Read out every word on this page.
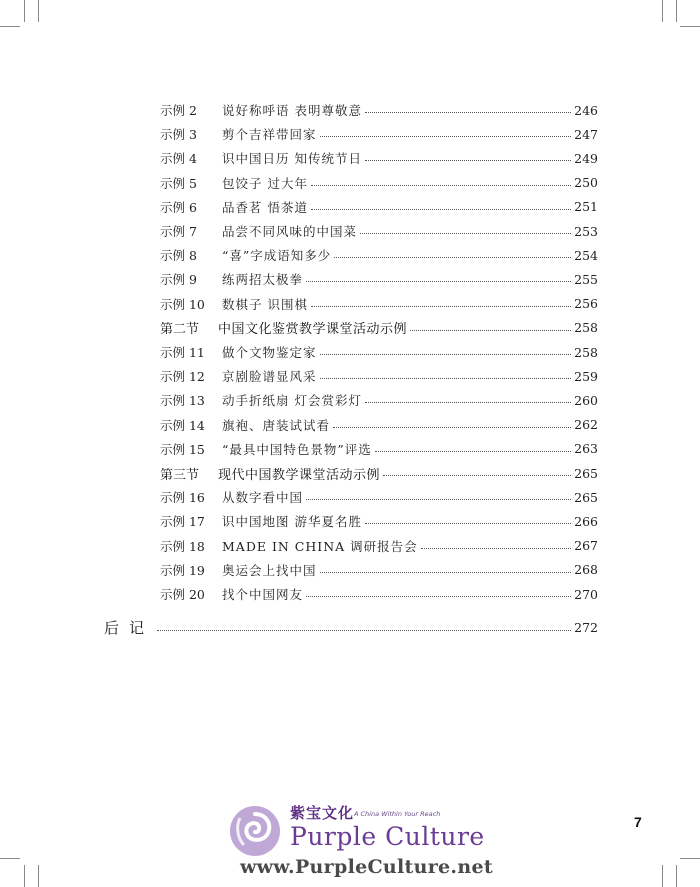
示例 2	说好称呼语 表明尊敬意	246
示例 3	剪个吉祥带回家	247
示例 4	识中国日历 知传统节日	249
示例 5	包饺子 过大年	250
示例 6	品香茗 悟茶道	251
示例 7	品尝不同风味的中国菜	253
示例 8	“喜”字成语知多少	254
示例 9	练两招太极拳	255
示例 10	数棋子 识围棋	256
第二节	中国文化鉴赏教学课堂活动示例	258
示例 11	做个文物鉴定家	258
示例 12	京剧脸谱显风采	259
示例 13	动手折纸扇 灯会赏彩灯	260
示例 14	旗袍、唐装试试看	262
示例 15	“最具中国特色景物”评选	263
第三节	现代中国教学课堂活动示例	265
示例 16	从数字看中国	265
示例 17	识中国地图 游华夏名胜	266
示例 18	MADE IN CHINA 调研报告会	267
示例 19	奥运会上找中国	268
示例 20	找个中国网友	270
后记	272
7
紫宝文化 A China Within Your Reach
Purple Culture
www.PurpleCulture.net
